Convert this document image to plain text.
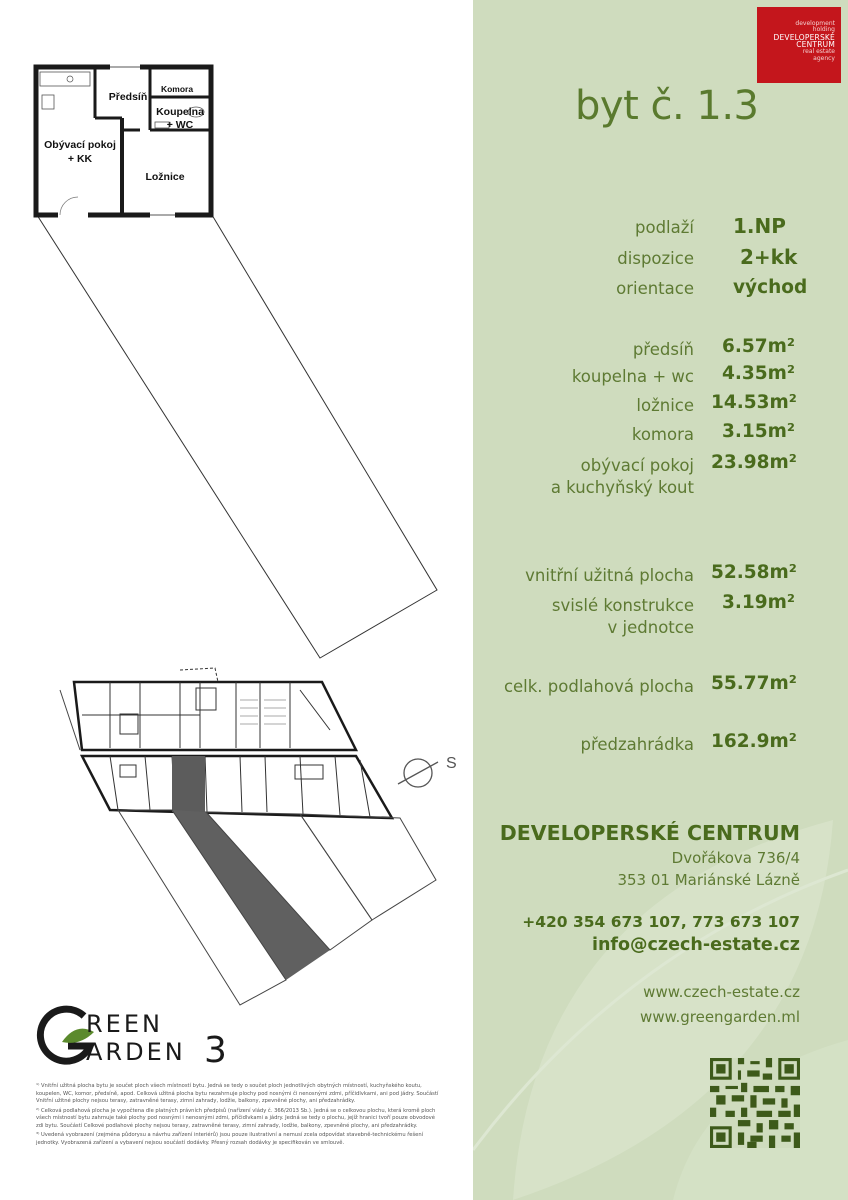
Obývací pokoj
+ KK
Předsíň
Komora
Koupelna
+ WC
Ložnice
S
REEN
ARDEN 3

¹⁾ Vnitřní užitná plocha bytu je součet ploch všech místností bytu. Jedná se tedy o součet ploch jednotlivých obytných místností, kuchyňského koutu, koupelen, WC, komor, předsíně, apod. Celková užitná plocha bytu nezahrnuje plochy pod nosnými či nenosnými zdmi, příčidlvkami, ani pod jádry. Součástí Vnitřní užitné plochy nejsou terasy, zatravněné terasy, zimní zahrady, lodžie, balkony, zpevněné plochy, ani předzahrádky.

²⁾ Celková podlahová plocha je vypočtena dle platných právních předpisů (nařízení vlády č. 366/2013 Sb.). Jedná se o celkovou plochu, která kromě ploch všech místností bytu zahrnuje také plochy pod nosnými i nenosnými zdmi, příčidlvkami a jádry. Jedná se tedy o plochu, jejíž hranici tvoří pouze obvodové zdi bytu. Součástí Celkové podlahové plochy nejsou terasy, zatravněné terasy, zimní zahrady, lodžie, balkony, zpevněné plochy, ani předzahrádky.

³⁾ Uvedená vyobrazení (zejména půdorysu a návrhu zařízení interiérů) jsou pouze ilustrativní a nemusí zcela odpovídat stavebně-technickému řešení jednotky. Vyobrazená zařízení a vybavení nejsou součástí dodávky. Přesný rozsah dodávky je specifikován ve smlouvě.

development
holding
DEVELOPERSKÉ
CENTRUM
real estate
agency
byt č. 1.3
podlaží 1.NP
dispozice 2+kk
orientace východ
předsíň 6.57m²
koupelna + wc 4.35m²
ložnice 14.53m²
komora 3.15m²
obývací pokoj 23.98m²
a kuchyňský kout
vnitřní užitná plocha 52.58m²
svislé konstrukce 3.19m²
v jednotce
celk. podlahová plocha 55.77m²
předzahrádka 162.9m²
DEVELOPERSKÉ CENTRUM
Dvořákova 736/4
353 01 Mariánské Lázně
+420 354 673 107, 773 673 107
info@czech-estate.cz
www.czech-estate.cz
www.greengarden.ml
